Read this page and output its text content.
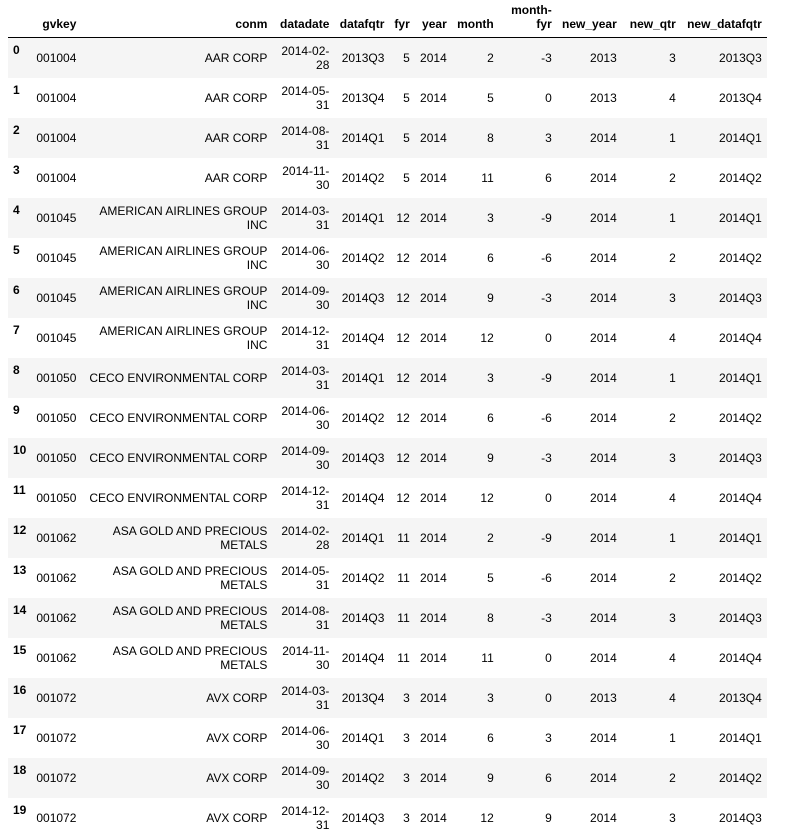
	gvkey	conm	datadate	datafqtr	fyr	year	month	month-fyr	new_year	new_qtr	new_datafqtr
0	001004	AAR CORP	2014-02-28	2013Q3	5	2014	2	-3	2013	3	2013Q3
1	001004	AAR CORP	2014-05-31	2013Q4	5	2014	5	0	2013	4	2013Q4
2	001004	AAR CORP	2014-08-31	2014Q1	5	2014	8	3	2014	1	2014Q1
3	001004	AAR CORP	2014-11-30	2014Q2	5	2014	11	6	2014	2	2014Q2
4	001045	AMERICAN AIRLINES GROUP INC	2014-03-31	2014Q1	12	2014	3	-9	2014	1	2014Q1
5	001045	AMERICAN AIRLINES GROUP INC	2014-06-30	2014Q2	12	2014	6	-6	2014	2	2014Q2
6	001045	AMERICAN AIRLINES GROUP INC	2014-09-30	2014Q3	12	2014	9	-3	2014	3	2014Q3
7	001045	AMERICAN AIRLINES GROUP INC	2014-12-31	2014Q4	12	2014	12	0	2014	4	2014Q4
8	001050	CECO ENVIRONMENTAL CORP	2014-03-31	2014Q1	12	2014	3	-9	2014	1	2014Q1
9	001050	CECO ENVIRONMENTAL CORP	2014-06-30	2014Q2	12	2014	6	-6	2014	2	2014Q2
10	001050	CECO ENVIRONMENTAL CORP	2014-09-30	2014Q3	12	2014	9	-3	2014	3	2014Q3
11	001050	CECO ENVIRONMENTAL CORP	2014-12-31	2014Q4	12	2014	12	0	2014	4	2014Q4
12	001062	ASA GOLD AND PRECIOUS METALS	2014-02-28	2014Q1	11	2014	2	-9	2014	1	2014Q1
13	001062	ASA GOLD AND PRECIOUS METALS	2014-05-31	2014Q2	11	2014	5	-6	2014	2	2014Q2
14	001062	ASA GOLD AND PRECIOUS METALS	2014-08-31	2014Q3	11	2014	8	-3	2014	3	2014Q3
15	001062	ASA GOLD AND PRECIOUS METALS	2014-11-30	2014Q4	11	2014	11	0	2014	4	2014Q4
16	001072	AVX CORP	2014-03-31	2013Q4	3	2014	3	0	2013	4	2013Q4
17	001072	AVX CORP	2014-06-30	2014Q1	3	2014	6	3	2014	1	2014Q1
18	001072	AVX CORP	2014-09-30	2014Q2	3	2014	9	6	2014	2	2014Q2
19	001072	AVX CORP	2014-12-31	2014Q3	3	2014	12	9	2014	3	2014Q3
